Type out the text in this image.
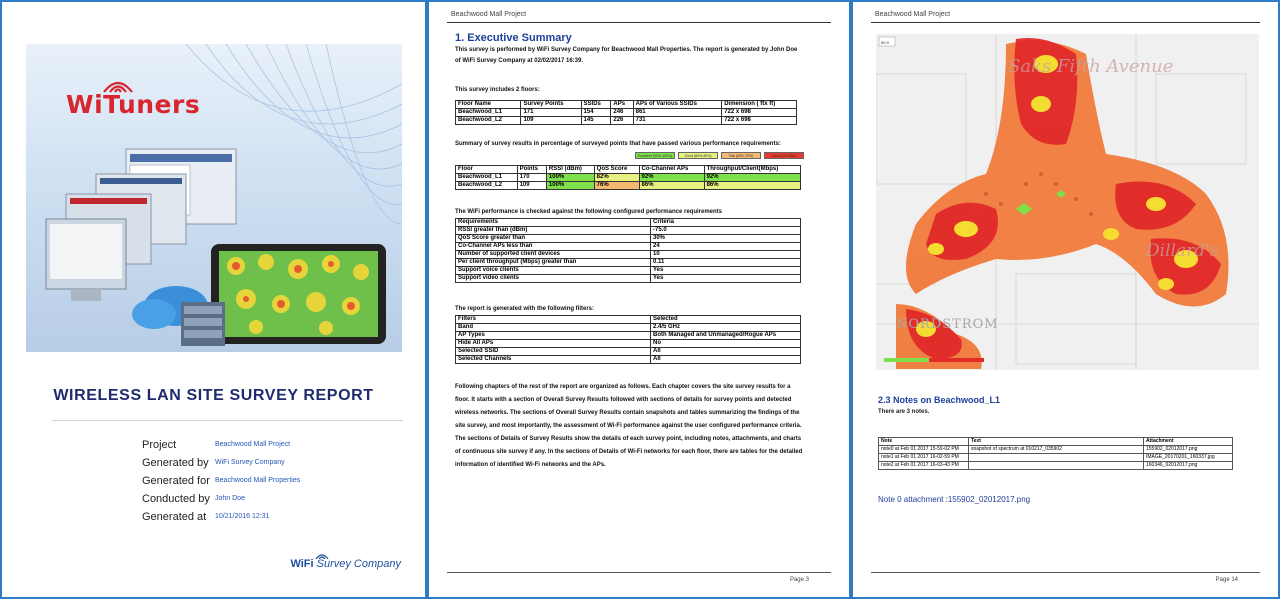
WiTuners
WIRELESS LAN SITE SURVEY REPORT
Project	Beachwood Mall Project
Generated by WiFi Survey Company
Generated for Beachwood Mall Properties
Conducted by John Doe
Generated at 10/21/2016 12:31
WiFi Survey Company
Beachwood Mall Project
1. Executive Summary
This survey is performed by WiFi Survey Company for Beachwood Mall Properties. The report is generated by John Doe
of WiFi Survey Company at 02/02/2017 16:39.
This survey includes 2 floors:
Floor Name	Survey Points	SSIDs	APs	APs of Various SSIDs	Dimension ( ftx ft)
Beachwood_L1	171	154	246	861	722 x 698
Beachwood_L2	109	145	226	731	722 x 698
Summary of survey results in percentage of surveyed points that have passed various performance requirements:
Excellent (90%-100%)	Good (80%-89%)	Fair (60%-79%)	Poor (0%-59%)
Floor	Points	RSSI (dBm)	QoS Score	Co-Channel APs	Throughput/Client(Mbps)
Beachwood_L1	170	100%	82%	92%	92%
Beachwood_L2	109	100%	76%	86%	86%
The WiFi performance is checked against the following configured performance requirements
Requirements	Criteria
RSSI greater than (dBm)	-75.0
QoS Score greater than	30%
Co-Channel APs less than	24
Number of supported client devices	10
Per client throughput (Mbps) greater than	0.11
Support voice clients	Yes
Support video clients	Yes
The report is generated with the following filters:
Filters	Selected
Band	2.4/5 GHz
AP Types	Both Managed and Unmanaged/Rogue APs
Hide All APs	No
Selected SSID	All
Selected Channels	All
Following chapters of the rest of the report are organized as follows. Each chapter covers the site survey results for a
floor. It starts with a section of Overall Survey Results followed with sections of details for survey points and detected
wireless networks. The sections of Overall Survey Results contain snapshots and tables summarizing the findings of the
site survey, and most importantly, the assessment of Wi-Fi performance against the user configured performance criteria.
The sections of Details of Survey Results show the details of each survey point, including notes, attachments, and charts
of continuous site survey if any. In the sections of Details of Wi-Fi networks for each floor, there are tables for the detailed
information of identified Wi-Fi networks and the APs.
Page 3
Beachwood Mall Project
Saks Fifth Avenue
Dillard's
NORDSTROM
50 ft
2.3 Notes on Beachwood_L1
There are 3 notes.
Note	Text	Attachment
note0 at Feb 01 2017 15-59-02 PM	snapshot of spectrum at 010217_035902	155902_02012017.png
note1 at Feb 01 2017 16-02-59 PM		IMAGE_20170201_160337.jpg
note2 at Feb 01 2017 16-03-43 PM		160346_02012017.png
Note 0 attachment :155902_02012017.png
Page 14
